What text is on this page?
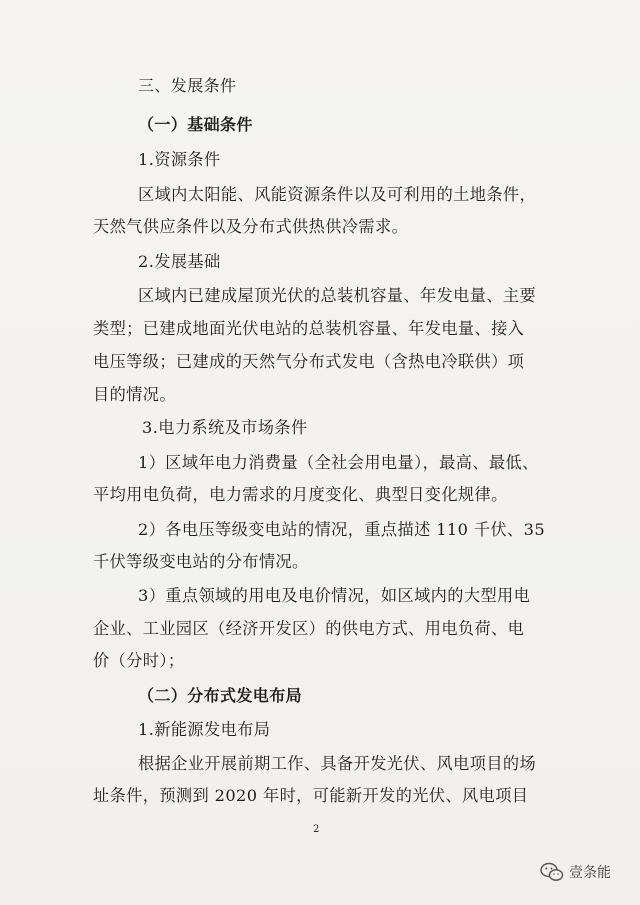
三、发展条件
（一）基础条件
1.资源条件
区域内太阳能、风能资源条件以及可利用的土地条件，
天然气供应条件以及分布式供热供冷需求。
2.发展基础
区域内已建成屋顶光伏的总装机容量、年发电量、主要
类型；已建成地面光伏电站的总装机容量、年发电量、接入
电压等级；已建成的天然气分布式发电（含热电冷联供）项
目的情况。
3.电力系统及市场条件
1）区域年电力消费量（全社会用电量），最高、最低、
平均用电负荷，电力需求的月度变化、典型日变化规律。
2）各电压等级变电站的情况，重点描述 110 千伏、35
千伏等级变电站的分布情况。
3）重点领域的用电及电价情况，如区域内的大型用电
企业、工业园区（经济开发区）的供电方式、用电负荷、电
价（分时）；
（二）分布式发电布局
1.新能源发电布局
根据企业开展前期工作、具备开发光伏、风电项目的场
址条件，预测到 2020 年时，可能新开发的光伏、风电项目
2
壹条能
